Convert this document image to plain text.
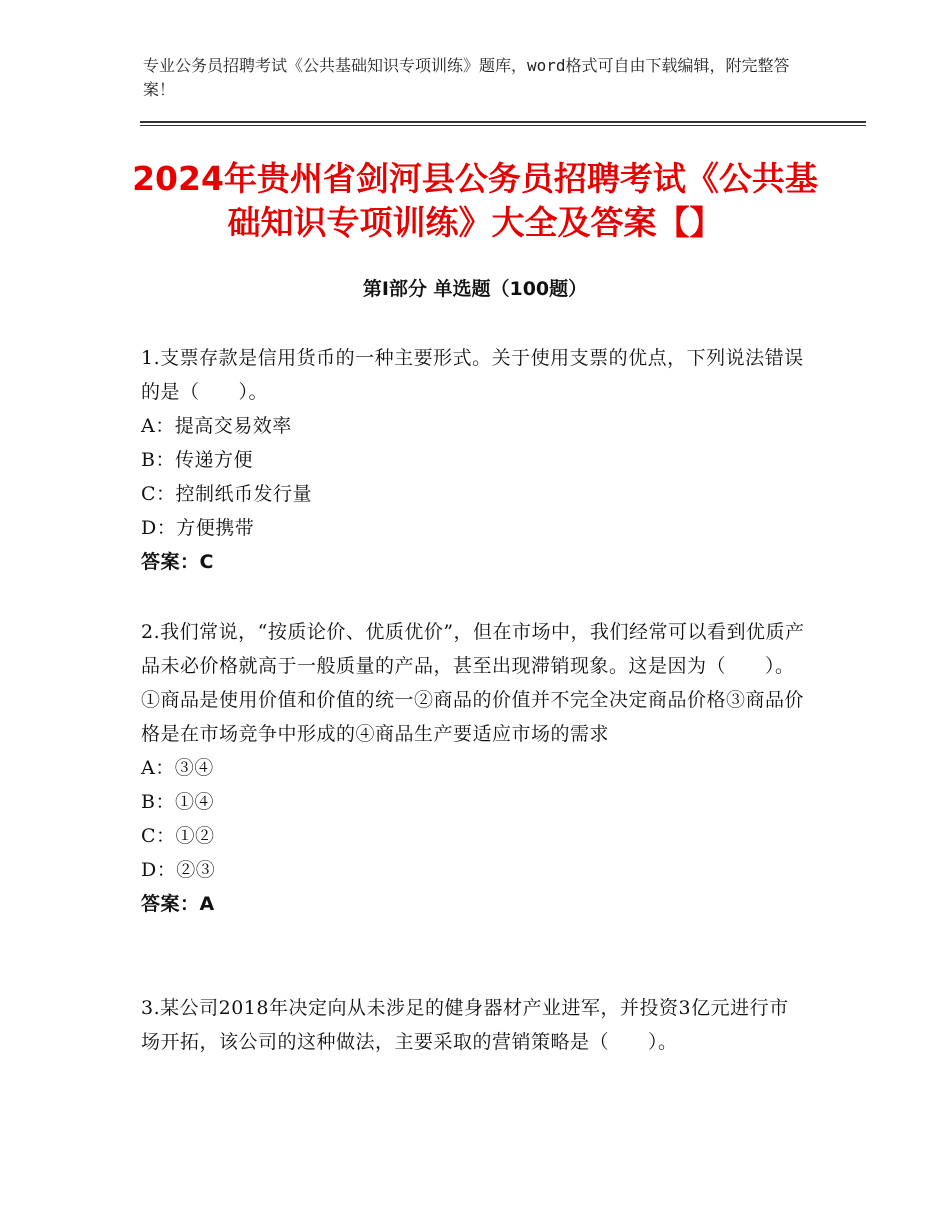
专业公务员招聘考试《公共基础知识专项训练》题库，word格式可自由下载编辑，附完整答案！
2024年贵州省剑河县公务员招聘考试《公共基础知识专项训练》大全及答案【】
第Ⅰ部分 单选题（100题）

1.支票存款是信用货币的一种主要形式。关于使用支票的优点，下列说法错误的是（　　）。

A：提高交易效率

B：传递方便

C：控制纸币发行量

D：方便携带

答案：C

2.我们常说，“按质论价、优质优价”，但在市场中，我们经常可以看到优质产品未必价格就高于一般质量的产品，甚至出现滞销现象。这是因为（　　）。①商品是使用价值和价值的统一②商品的价值并不完全决定商品价格③商品价格是在市场竞争中形成的④商品生产要适应市场的需求

A：③④

B：①④

C：①②

D：②③

答案：A

3.某公司2018年决定向从未涉足的健身器材产业进军，并投资3亿元进行市场开拓，该公司的这种做法，主要采取的营销策略是（　　）。
